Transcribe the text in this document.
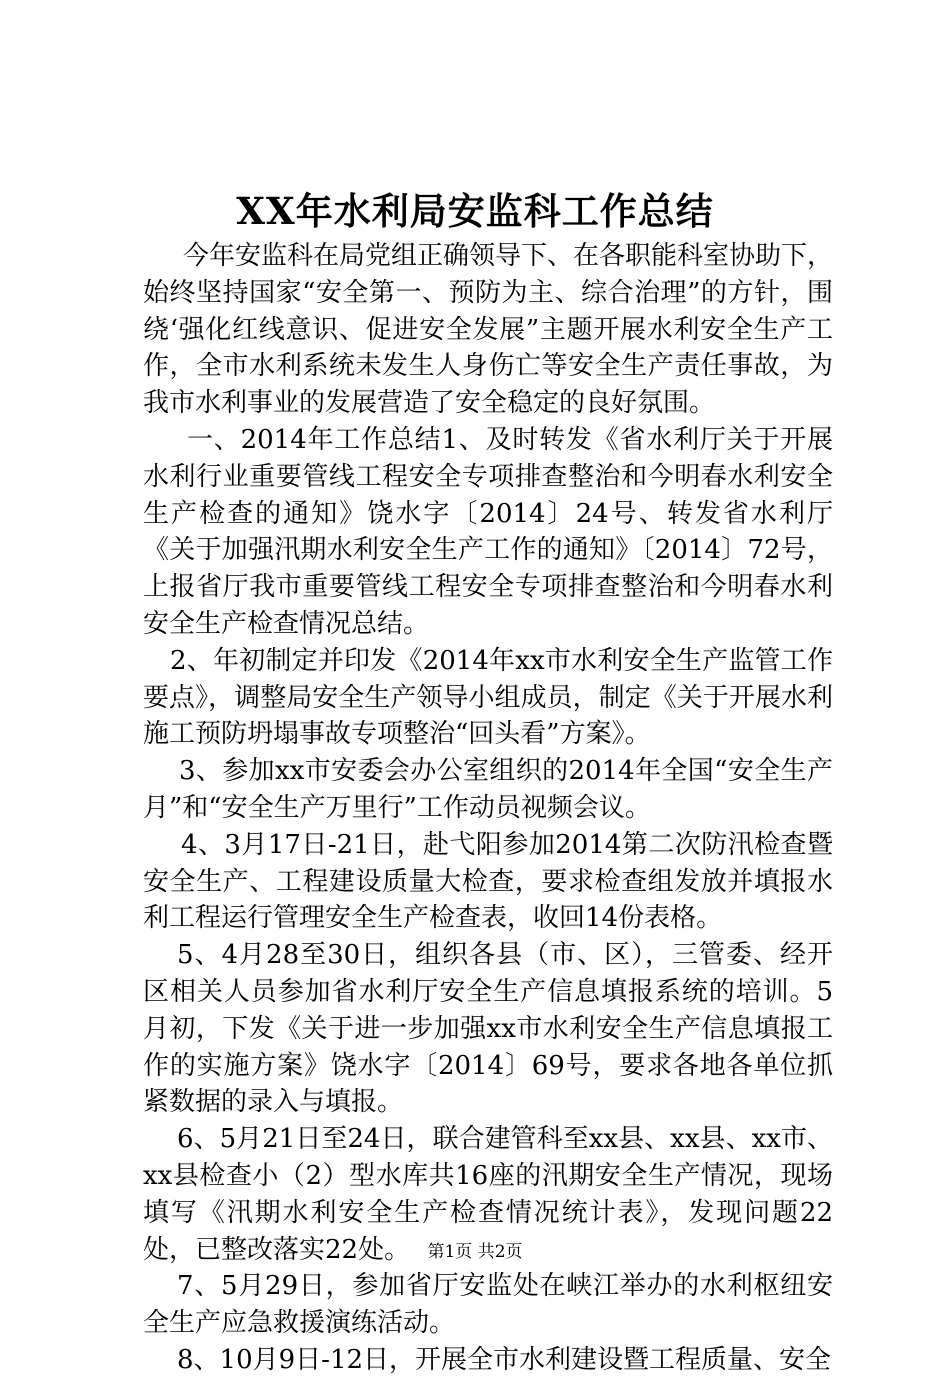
XX年水利局安监科工作总结

今年安监科在局党组正确领导下、在各职能科室协助下，始终坚持国家“安全第一、预防为主、综合治理”的方针，围绕‘强化红线意识、促进安全发展”主题开展水利安全生产工作，全市水利系统未发生人身伤亡等安全生产责任事故，为我市水利事业的发展营造了安全稳定的良好氛围。

一、2014年工作总结1、及时转发《省水利厅关于开展水利行业重要管线工程安全专项排查整治和今明春水利安全生产检查的通知》饶水字〔2014〕24号、转发省水利厅《关于加强汛期水利安全生产工作的通知》〔2014〕72号，上报省厅我市重要管线工程安全专项排查整治和今明春水利安全生产检查情况总结。

2、年初制定并印发《2014年xx市水利安全生产监管工作要点》，调整局安全生产领导小组成员，制定《关于开展水利施工预防坍塌事故专项整治“回头看”方案》。

3、参加xx市安委会办公室组织的2014年全国“安全生产月”和“安全生产万里行”工作动员视频会议。

4、3月17日-21日，赴弋阳参加2014第二次防汛检查暨安全生产、工程建设质量大检查，要求检查组发放并填报水利工程运行管理安全生产检查表，收回14份表格。

5、4月28至30日，组织各县（市、区），三管委、经开区相关人员参加省水利厅安全生产信息填报系统的培训。5月初，下发《关于进一步加强xx市水利安全生产信息填报工作的实施方案》饶水字〔2014〕69号，要求各地各单位抓紧数据的录入与填报。

6、5月21日至24日，联合建管科至xx县、xx县、xx市、xx县检查小（2）型水库共16座的汛期安全生产情况，现场填写《汛期水利安全生产检查情况统计表》，发现问题22处，已整改落实22处。

7、5月29日，参加省厅安监处在峡江举办的水利枢纽安全生产应急救援演练活动。

8、10月9日-12日，开展全市水利建设暨工程质量、安全

第1页 共2页
